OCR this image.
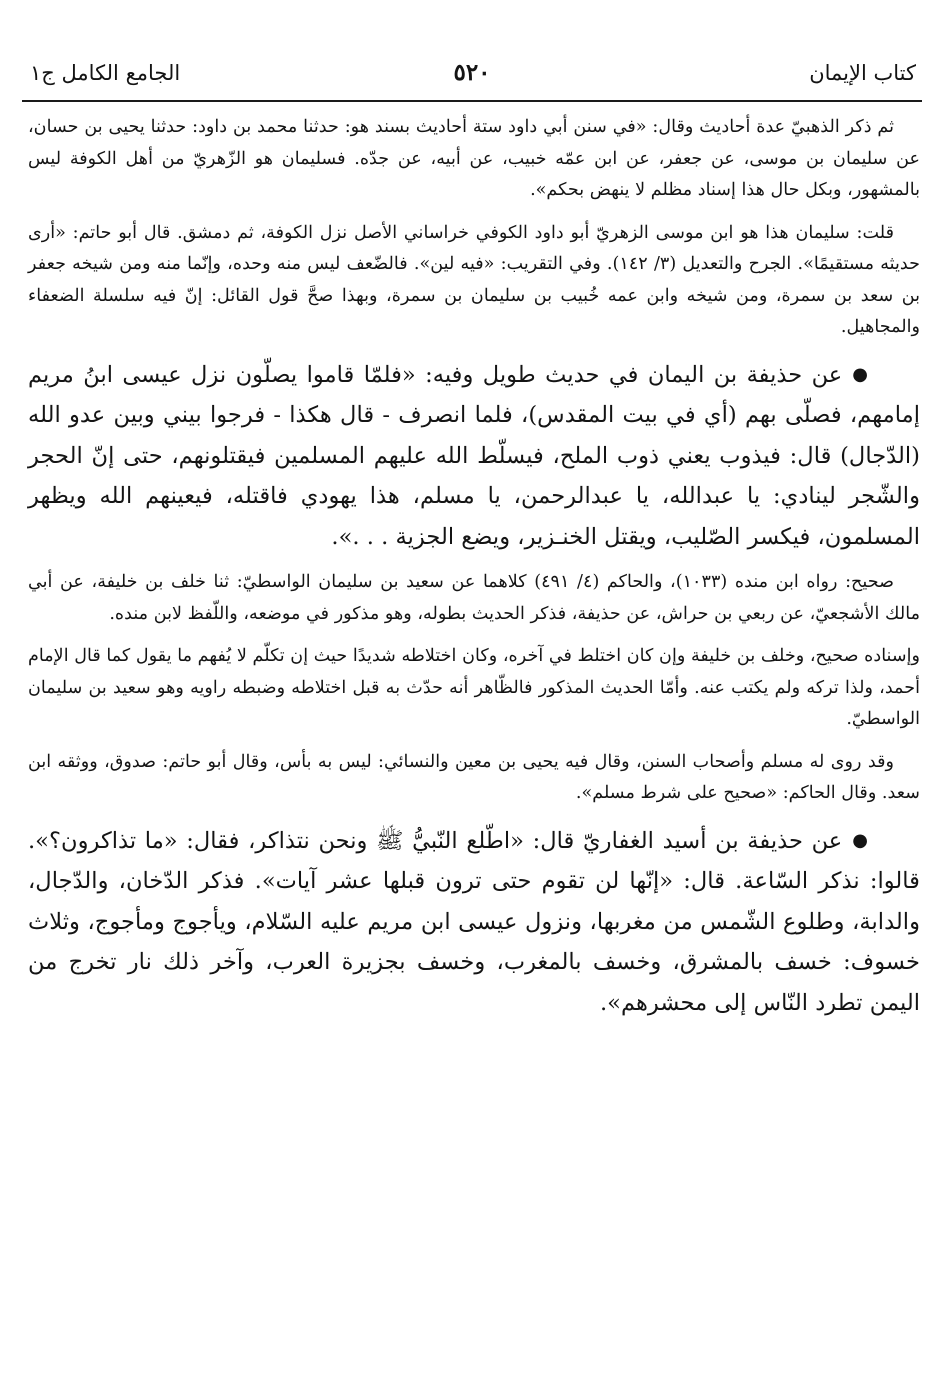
كتاب الإيمان
٥٢٠
الجامع الكامل ج١

ثم ذكر الذهبيّ عدة أحاديث وقال: «في سنن أبي داود ستة أحاديث بسند هو: حدثنا محمد بن داود: حدثنا يحيى بن حسان، عن سليمان بن موسى، عن جعفر، عن ابن عمّه خبيب، عن أبيه، عن جدّه. فسليمان هو الزّهريّ من أهل الكوفة ليس بالمشهور، وبكل حال هذا إسناد مظلم لا ينهض بحكم».

قلت: سليمان هذا هو ابن موسى الزهريّ أبو داود الكوفي خراساني الأصل نزل الكوفة، ثم دمشق. قال أبو حاتم: «أرى حديثه مستقيمًا». الجرح والتعديل (٣/ ١٤٢). وفي التقريب: «فيه لين». فالضّعف ليس منه وحده، وإنّما منه ومن شيخه جعفر بن سعد بن سمرة، ومن شيخه وابن عمه خُبيب بن سليمان بن سمرة، وبهذا صحَّ قول القائل: إنّ فيه سلسلة الضعفاء والمجاهيل.

●عن حذيفة بن اليمان في حديث طويل وفيه: «فلمّا قاموا يصلّون نزل عيسى ابنُ مريم إمامهم، فصلّى بهم (أي في بيت المقدس)، فلما انصرف - قال هكذا - فرجوا بيني وبين عدو الله (الدّجال) قال: فيذوب يعني ذوب الملح، فيسلّط الله عليهم المسلمين فيقتلونهم، حتى إنّ الحجر والشّجر لينادي: يا عبدالله، يا عبدالرحمن، يا مسلم، هذا يهودي فاقتله، فيعينهم الله ويظهر المسلمون، فيكسر الصّليب، ويقتل الخنـزير، ويضع الجزية . . .».

صحيح: رواه ابن منده (١٠٣٣)، والحاكم (٤/ ٤٩١) كلاهما عن سعيد بن سليمان الواسطيّ: ثنا خلف بن خليفة، عن أبي مالك الأشجعيّ، عن ربعي بن حراش، عن حذيفة، فذكر الحديث بطوله، وهو مذكور في موضعه، واللّفظ لابن منده.

وإسناده صحيح، وخلف بن خليفة وإن كان اختلط في آخره، وكان اختلاطه شديدًا حيث إن تكلّم لا يُفهم ما يقول كما قال الإمام أحمد، ولذا تركه ولم يكتب عنه. وأمّا الحديث المذكور فالظّاهر أنه حدّث به قبل اختلاطه وضبطه راويه وهو سعيد بن سليمان الواسطيّ.

وقد روى له مسلم وأصحاب السنن، وقال فيه يحيى بن معين والنسائي: ليس به بأس، وقال أبو حاتم: صدوق، ووثقه ابن سعد. وقال الحاكم: «صحيح على شرط مسلم».

●عن حذيفة بن أسيد الغفاريّ قال: «اطّلع النّبيُّ ﷺ ونحن نتذاكر، فقال: «ما تذاكرون؟». قالوا: نذكر السّاعة. قال: «إنّها لن تقوم حتى ترون قبلها عشر آيات». فذكر الدّخان، والدّجال، والدابة، وطلوع الشّمس من مغربها، ونزول عيسى ابن مريم عليه السّلام، ويأجوج ومأجوج، وثلاث خسوف: خسف بالمشرق، وخسف بالمغرب، وخسف بجزيرة العرب، وآخر ذلك نار تخرج من اليمن تطرد النّاس إلى محشرهم».
